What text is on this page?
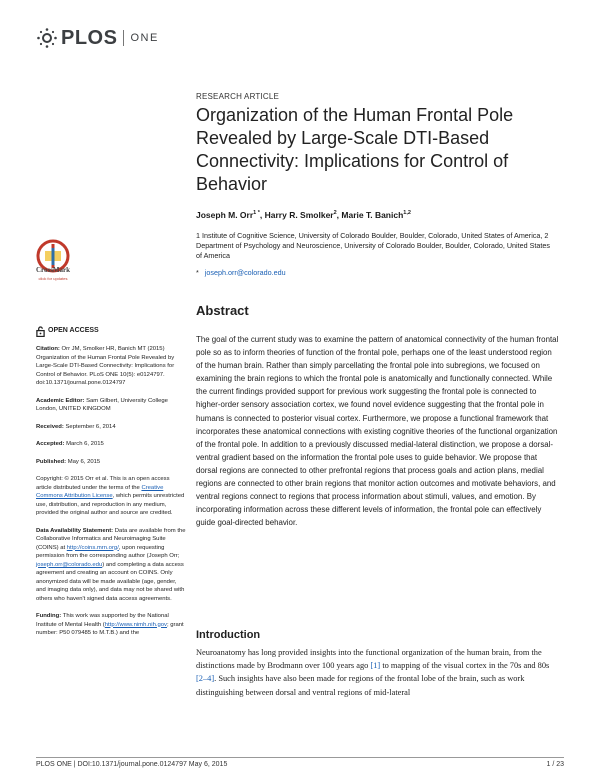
PLOS ONE
RESEARCH ARTICLE
Organization of the Human Frontal Pole Revealed by Large-Scale DTI-Based Connectivity: Implications for Control of Behavior
Joseph M. Orr$^{1 *}$, Harry R. Smolker$^2$, Marie T. Banich$^{1,2}$
1 Institute of Cognitive Science, University of Colorado Boulder, Boulder, Colorado, United States of America, 2 Department of Psychology and Neuroscience, University of Colorado Boulder, Boulder, Colorado, United States of America
* joseph.orr@colorado.edu
CrossMark
click for updates
Abstract

The goal of the current study was to examine the pattern of anatomical connectivity of the human frontal pole so as to inform theories of function of the frontal pole, perhaps one of the least understood region of the human brain. Rather than simply parcellating the frontal pole into subregions, we focused on examining the brain regions to which the frontal pole is anatomically and functionally connected. While the current findings provided support for previous work suggesting the frontal pole is connected to higher-order sensory association cortex, we found novel evidence suggesting that the frontal pole in humans is connected to posterior visual cortex. Furthermore, we propose a functional framework that incorporates these anatomical connections with existing cognitive theories of the functional organization of the frontal pole. In addition to a previously discussed medial-lateral distinction, we propose a dorsal-ventral gradient based on the information the frontal pole uses to guide behavior. We propose that dorsal regions are connected to other prefrontal regions that process goals and action plans, medial regions are connected to other brain regions that monitor action outcomes and motivate behaviors, and ventral regions connect to regions that process information about stimuli, values, and emotion. By incorporating information across these different levels of information, the frontal pole can effectively guide goal-directed behavior.

OPEN ACCESS
Citation: Orr JM, Smolker HR, Banich MT (2015) Organization of the Human Frontal Pole Revealed by Large-Scale DTI-Based Connectivity: Implications for Control of Behavior. PLoS ONE 10(5): e0124797. doi:10.1371/journal.pone.0124797
Academic Editor: Sam Gilbert, University College London, UNITED KINGDOM
Received: September 6, 2014
Accepted: March 6, 2015
Published: May 6, 2015
Copyright: © 2015 Orr et al. This is an open access article distributed under the terms of the Creative Commons Attribution License, which permits unrestricted use, distribution, and reproduction in any medium, provided the original author and source are credited.
Data Availability Statement: Data are available from the Collaborative Informatics and Neuroimaging Suite (COINS) at http://coins.mrn.org/, upon requesting permission from the corresponding author (Joseph Orr; joseph.orr@colorado.edu) and completing a data access agreement and creating an account on COINS. Only anonymized data will be made available (age, gender, and imaging data only), and data may not be shared with others who haven't signed data access agreements.
Funding: This work was supported by the National Institute of Mental Health (http://www.nimh.nih.gov; grant number: P50 079485 to M.T.B.) and the	Introduction

Neuroanatomy has long provided insights into the functional organization of the human brain, from the distinctions made by Brodmann over 100 years ago [1] to mapping of the visual cortex in the 70s and 80s [2–4]. Such insights have also been made for regions of the frontal lobe of the brain, such as work distinguishing between dorsal and ventral regions of mid-lateral

PLOS ONE | DOI:10.1371/journal.pone.0124797 May 6, 2015	1 / 23
